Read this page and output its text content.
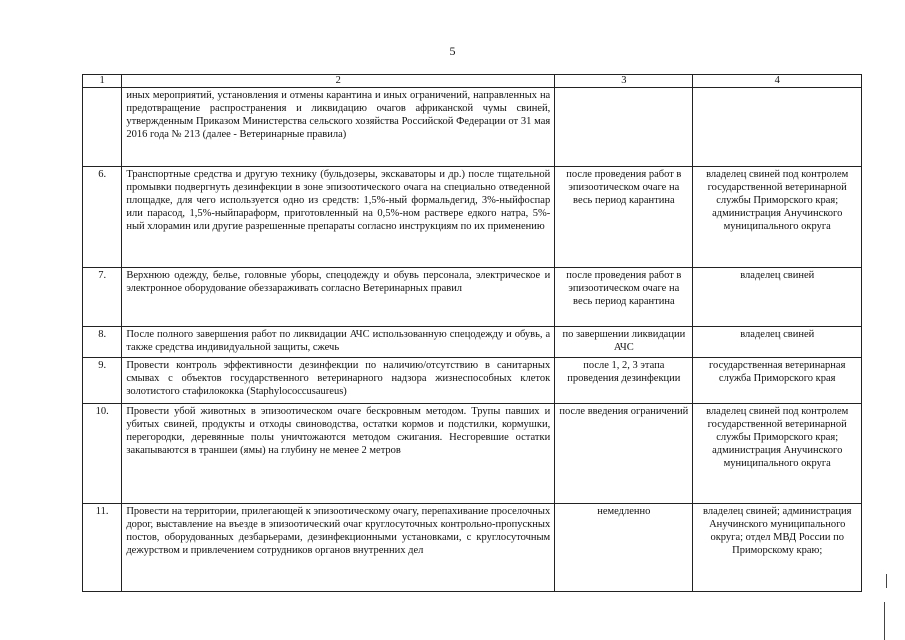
5
1	2	3	4
	иных мероприятий, установления и отмены карантина и иных ограничений, направленных на предотвращение распространения и ликвидацию очагов африканской чумы свиней, утвержденным Приказом Министерства сельского хозяйства Российской Федерации от 31 мая 2016 года № 213 (далее - Ветеринарные правила)		
6.	Транспортные средства и другую технику (бульдозеры, экскаваторы и др.) после тщательной промывки подвергнуть дезинфекции в зоне эпизоотического очага на специально отведенной площадке, для чего используется одно из средств: 1,5%-ный формальдегид, 3%-ныйфоспар или парасод, 1,5%-ныйпараформ, приготовленный на 0,5%-ном раствере едкого натра, 5%-ный хлорамин или другие разрешенные препараты согласно инструкциям по их применению	после проведения работ в эпизоотическом очаге на весь период карантина	владелец свиней под контролем государственной ветеринарной службы Приморского края; администрация Анучинского муниципального округа
7.	Верхнюю одежду, белье, головные уборы, спецодежду и обувь персонала, электрическое и электронное оборудование обеззараживать согласно Ветеринарных правил	после проведения работ в эпизоотическом очаге на весь период карантина	владелец свиней
8.	После полного завершения работ по ликвидации АЧС использованную спецодежду и обувь, а также средства индивидуальной защиты, сжечь	по завершении ликвидации АЧС	владелец свиней
9.	Провести контроль эффективности дезинфекции по наличию/отсутствию в санитарных смывах с объектов государственного ветеринарного надзора жизнеспособных клеток золотистого стафилококка (Staphylococcusaureus)	после 1, 2, 3 этапа проведения дезинфекции	государственная ветеринарная служба Приморского края
10.	Провести убой животных в эпизоотическом очаге бескровным методом. Трупы павших и убитых свиней, продукты и отходы свиноводства, остатки кормов и подстилки, кормушки, перегородки, деревянные полы уничтожаются методом сжигания. Несгоревшие остатки закапываются в траншеи (ямы) на глубину не менее 2 метров	после введения ограничений	владелец свиней под контролем государственной ветеринарной службы Приморского края; администрация Анучинского муниципального округа
11.	Провести на территории, прилегающей к эпизоотическому очагу, перепахивание проселочных дорог, выставление на въезде в эпизоотический очаг круглосуточных контрольно-пропускных постов, оборудованных дезбарьерами, дезинфекционными установками, с круглосуточным дежурством и привлечением сотрудников органов внутренних дел	немедленно	владелец свиней; администрация Анучинского муниципального округа; отдел МВД России по Приморскому краю;
